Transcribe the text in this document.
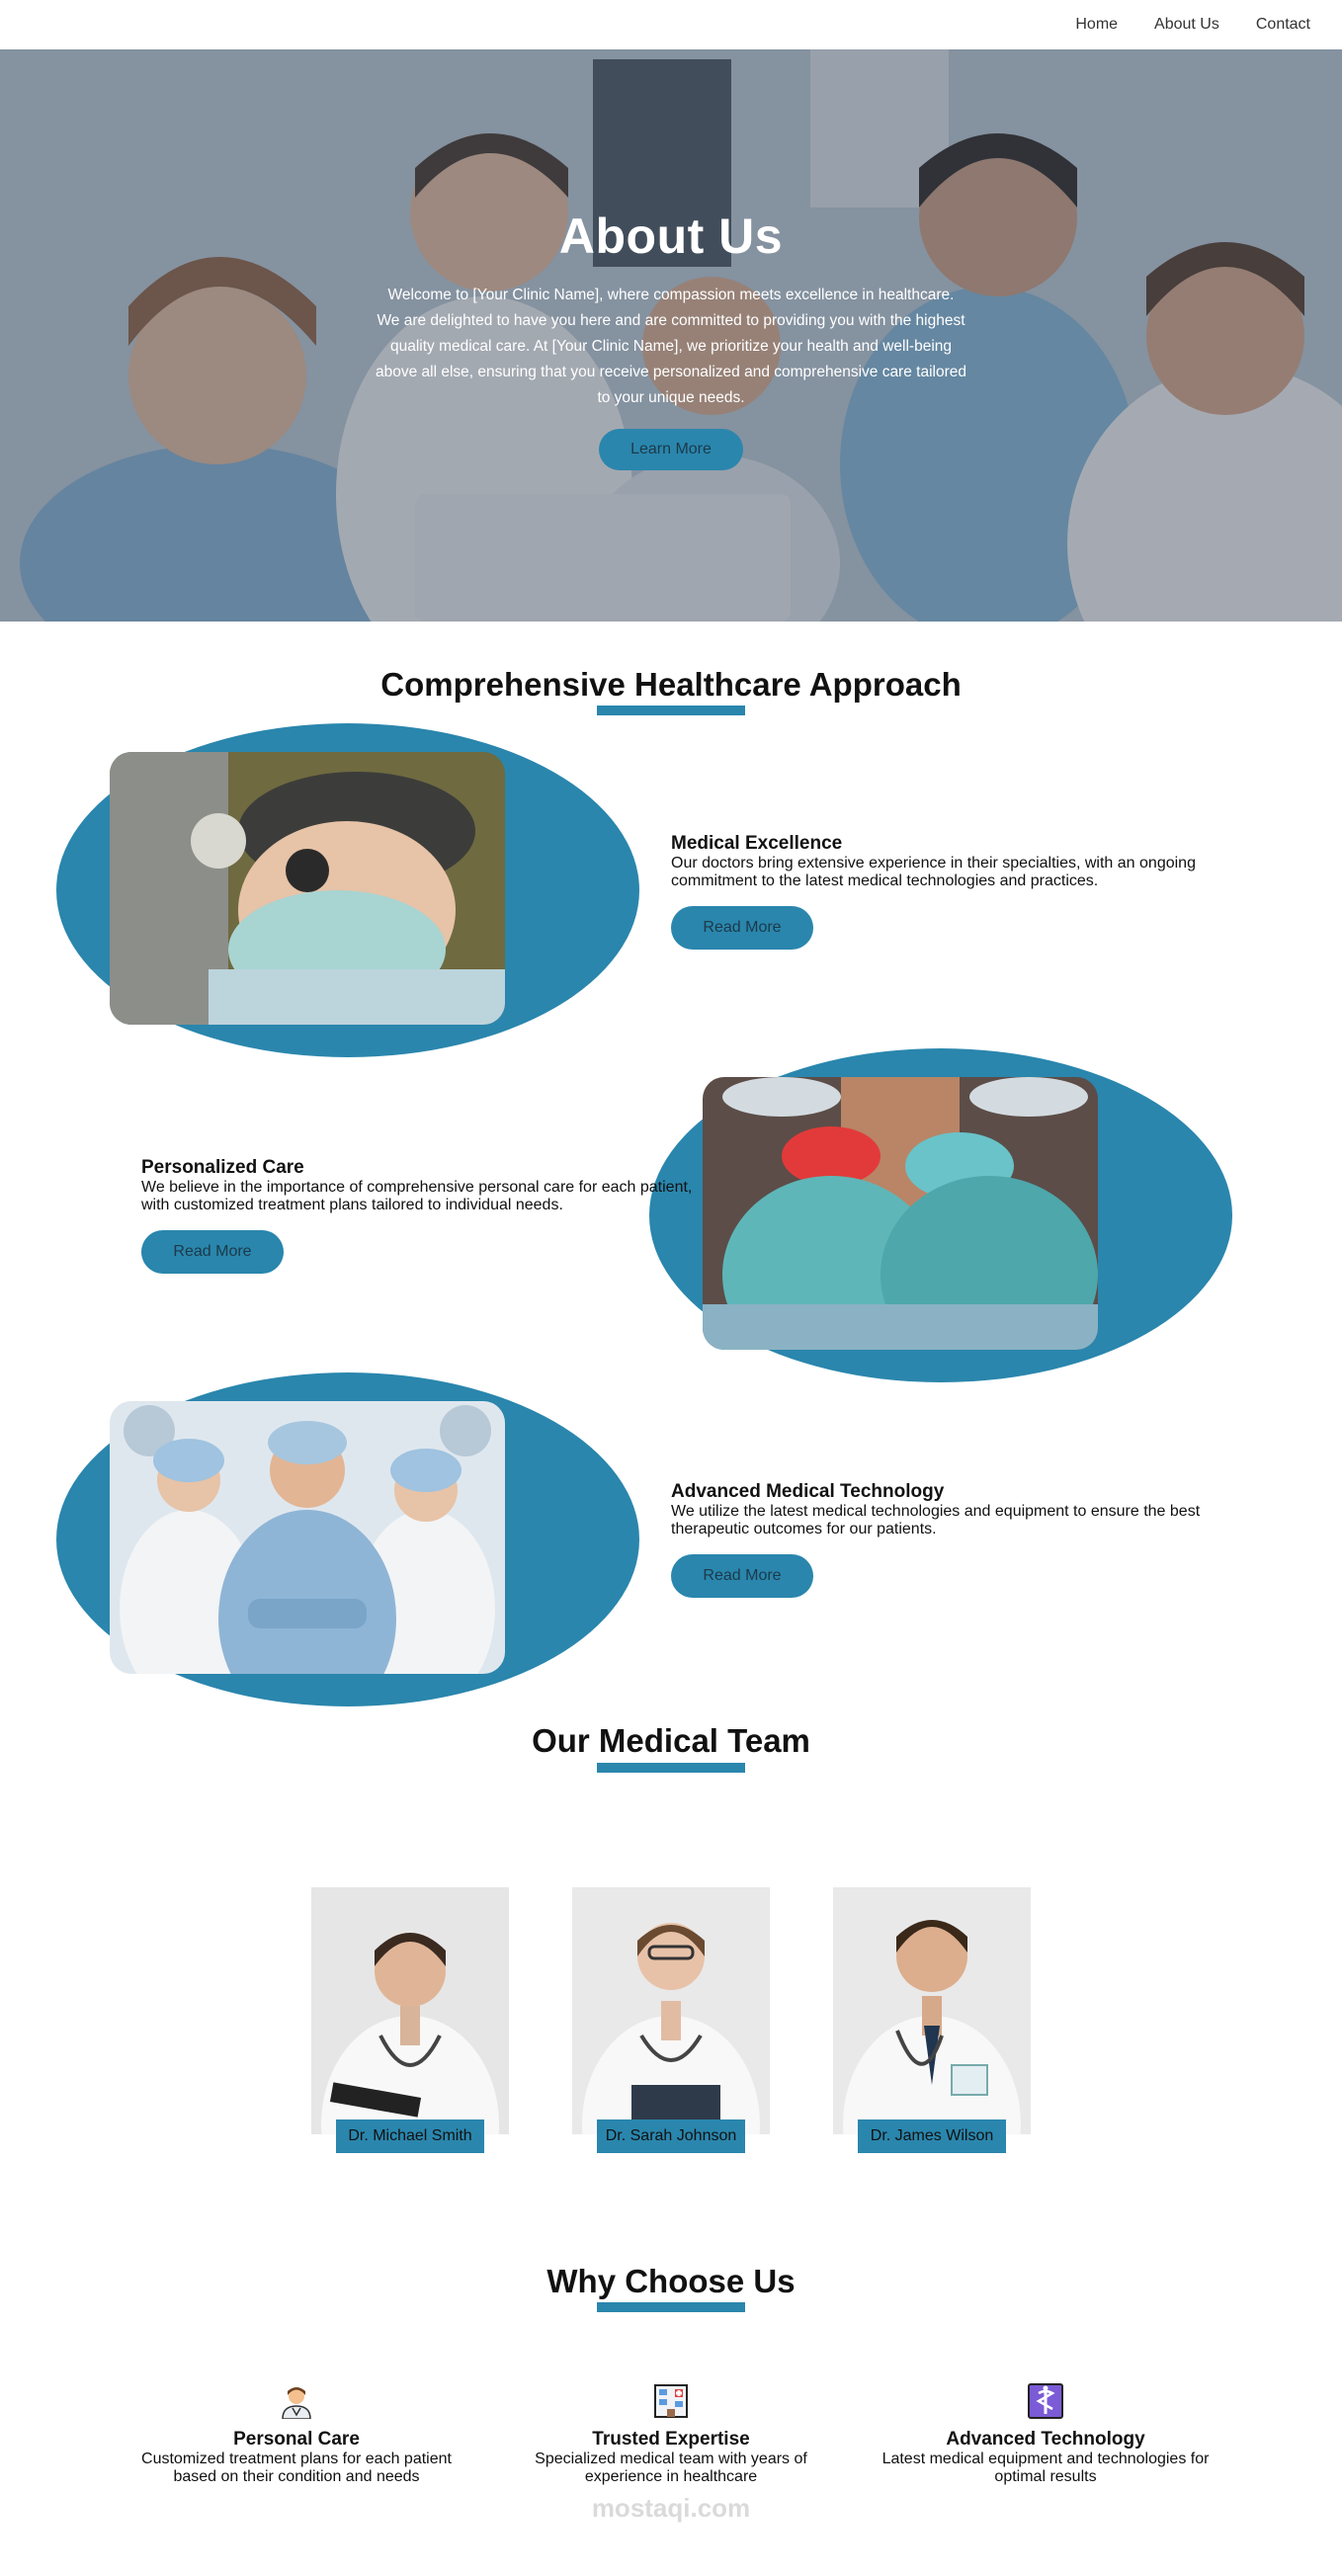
Home About Us Contact
About Us
Welcome to [Your Clinic Name], where compassion meets excellence in healthcare. We are delighted to have you here and are committed to providing you with the highest quality medical care. At [Your Clinic Name], we prioritize your health and well-being above all else, ensuring that you receive personalized and comprehensive care tailored to your unique needs.
Learn More
Comprehensive Healthcare Approach
Medical Excellence
Our doctors bring extensive experience in their specialties, with an ongoing commitment to the latest medical technologies and practices.
Read More
Personalized Care
We believe in the importance of comprehensive personal care for each patient, with customized treatment plans tailored to individual needs.
Read More
Advanced Medical Technology
We utilize the latest medical technologies and equipment to ensure the best therapeutic outcomes for our patients.
Read More
Our Medical Team
Dr. Michael Smith	Dr. Sarah Johnson	Dr. James Wilson
Why Choose Us
Personal Care
Customized treatment plans for each patient based on their condition and needs
Trusted Expertise
Specialized medical team with years of experience in healthcare
Advanced Technology
Latest medical equipment and technologies for optimal results
mostaqi.com
